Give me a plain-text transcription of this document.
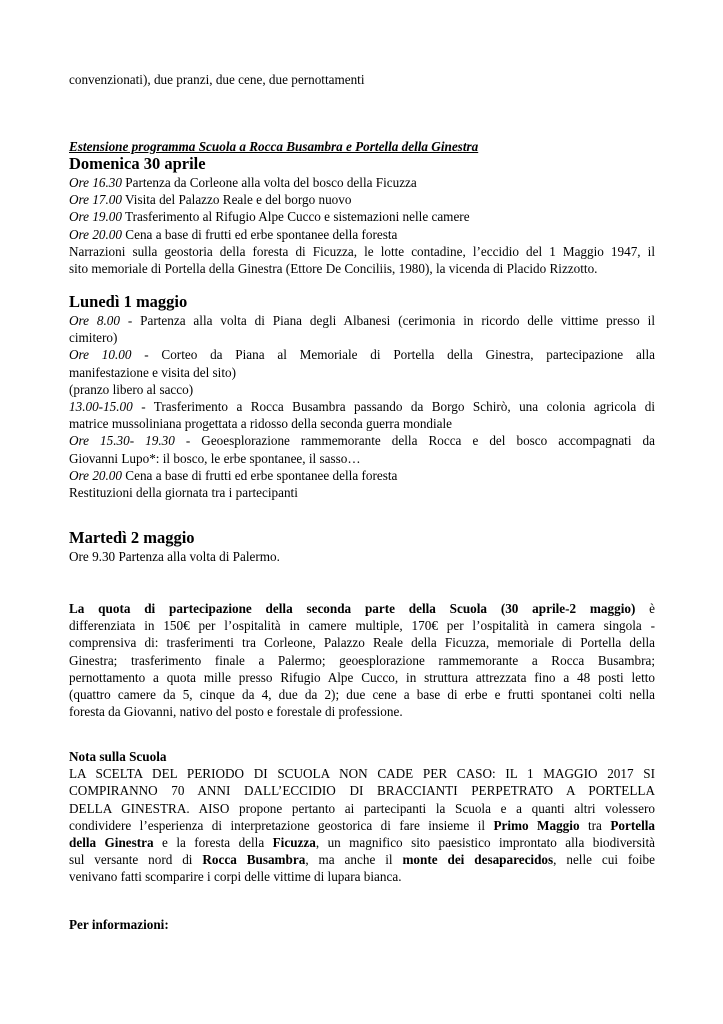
convenzionati), due pranzi, due cene, due pernottamenti

Estensione programma Scuola a Rocca Busambra e Portella della Ginestra

Domenica 30 aprile
Ore 16.30 Partenza da Corleone alla volta del bosco della Ficuzza
Ore 17.00 Visita del Palazzo Reale e del borgo nuovo
Ore 19.00 Trasferimento al Rifugio Alpe Cucco e sistemazioni nelle camere
Ore 20.00 Cena a base di frutti ed erbe spontanee della foresta
Narrazioni sulla geostoria della foresta di Ficuzza, le lotte contadine, l’eccidio del 1 Maggio 1947, il
sito memoriale di Portella della Ginestra (Ettore De Conciliis, 1980), la vicenda di Placido Rizzotto.
Lunedì 1 maggio
Ore 8.00 - Partenza alla volta di Piana degli Albanesi (cerimonia in ricordo delle vittime presso il
cimitero)
Ore 10.00 - Corteo da Piana al Memoriale di Portella della Ginestra, partecipazione alla
manifestazione e visita del sito)
(pranzo libero al sacco)
13.00-15.00 - Trasferimento a Rocca Busambra passando da Borgo Schirò, una colonia agricola di
matrice mussoliniana progettata a ridosso della seconda guerra mondiale
Ore 15.30- 19.30 - Geoesplorazione rammemorante della Rocca e del bosco accompagnati da
Giovanni Lupo*: il bosco, le erbe spontanee, il sasso…
Ore 20.00 Cena a base di frutti ed erbe spontanee della foresta
Restituzioni della giornata tra i partecipanti
Martedì 2 maggio
Ore 9.30 Partenza alla volta di Palermo.
La quota di partecipazione della seconda parte della Scuola (30 aprile-2 maggio) è
differenziata in 150€ per l’ospitalità in camere multiple, 170€ per l’ospitalità in camera singola -
comprensiva di: trasferimenti tra Corleone, Palazzo Reale della Ficuzza, memoriale di Portella della
Ginestra; trasferimento finale a Palermo; geoesplorazione rammemorante a Rocca Busambra;
pernottamento a quota mille presso Rifugio Alpe Cucco, in struttura attrezzata fino a 48 posti letto
(quattro camere da 5, cinque da 4, due da 2); due cene a base di erbe e frutti spontanei colti nella
foresta da Giovanni, nativo del posto e forestale di professione.
Nota sulla Scuola
LA SCELTA DEL PERIODO DI SCUOLA NON CADE PER CASO: IL 1 MAGGIO 2017 SI
COMPIRANNO 70 ANNI DALL’ECCIDIO DI BRACCIANTI PERPETRATO A PORTELLA
DELLA GINESTRA. AISO propone pertanto ai partecipanti la Scuola e a quanti altri volessero
condividere l’esperienza di interpretazione geostorica di fare insieme il Primo Maggio tra Portella
della Ginestra e la foresta della Ficuzza, un magnifico sito paesistico improntato alla biodiversità
sul versante nord di Rocca Busambra, ma anche il monte dei desaparecidos, nelle cui foibe
venivano fatti scomparire i corpi delle vittime di lupara bianca.
Per informazioni:
